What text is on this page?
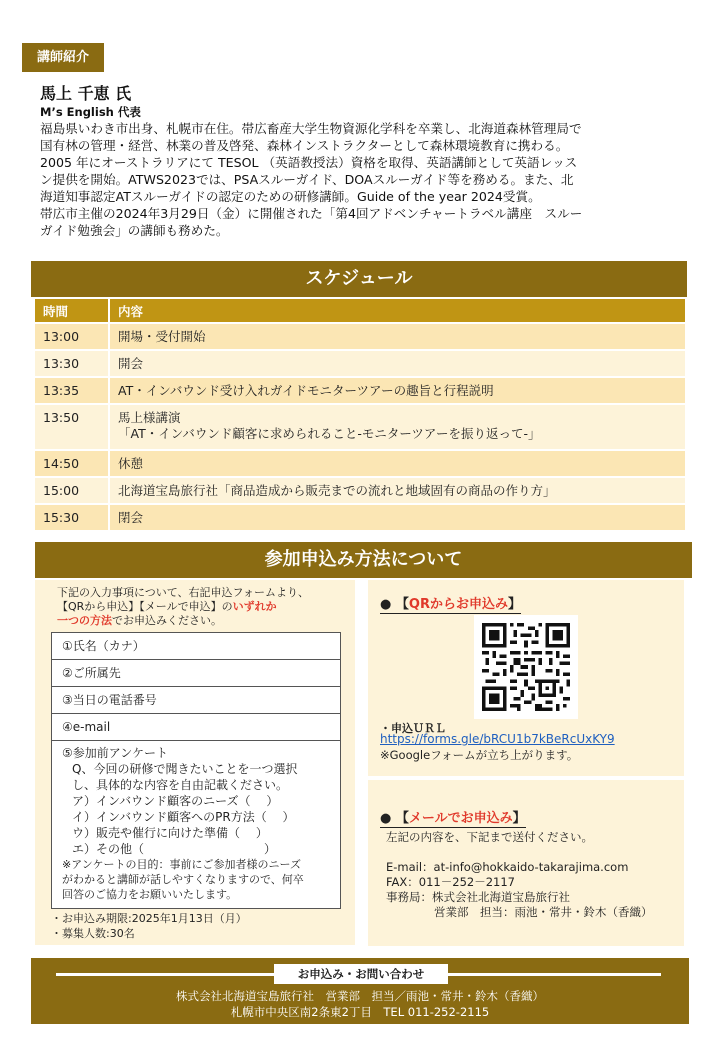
講師紹介
馬上 千恵 氏
M’s English 代表
福島県いわき市出身、札幌市在住。帯広畜産大学生物資源化学科を卒業し、北海道森林管理局で
国有林の管理・経営、林業の普及啓発、森林インストラクターとして森林環境教育に携わる。
2005 年にオーストラリアにて TESOL （英語教授法）資格を取得、英語講師として英語レッス
ン提供を開始。ATWS2023では、PSAスルーガイド、DOAスルーガイド等を務める。また、北
海道知事認定ATスルーガイドの認定のための研修講師。Guide of the year 2024受賞。
帯広市主催の2024年3月29日（金）に開催された「第4回アドベンチャートラベル講座　スルー
ガイド勉強会」の講師も務めた。
スケジュール
時間	内容
13:00	開場・受付開始

13:30	開会

13:35	AT・インバウンド受け入れガイドモニターツアーの趣旨と行程説明

13:50	馬上様講演
「AT・インバウンド顧客に求められること-モニターツアーを振り返って-」

14:50	休憩

15:00	北海道宝島旅行社「商品造成から販売までの流れと地域固有の商品の作り方」

15:30	閉会
参加申込み方法について
下記の入力事項について、右記申込フォームより、
【QRから申込】【メールで申込】のいずれか
一つの方法でお申込みください。
①氏名（カナ）
②ご所属先
③当日の電話番号
④e-mail
⑤参加前アンケート
Q、今回の研修で聞きたいことを一つ選択
し、具体的な内容を自由記載ください。
ア）インバウンド顧客のニーズ（　 ）
イ）インバウンド顧客へのPR方法（　 ）
ウ）販売や催行に向けた準備（　 ）
エ）その他（　　　　　　　　　　）
※アンケートの目的：事前にご参加者様のニーズ
がわかると講師が話しやすくなりますので、何卒
回答のご協力をお願いいたします。
・お申込み期限:2025年1月13日（月）
・募集人数:30名
● 【QRからお申込み】
・申込ＵＲＬ
https://forms.gle/bRCU1b7kBeRcUxKY9
※Googleフォームが立ち上がります。
● 【メールでお申込み】
左記の内容を、下記まで送付ください。
E-mail：at-info@hokkaido-takarajima.com
FAX：011－252－2117
事務局：株式会社北海道宝島旅行社
営業部　担当：雨池・常井・鈴木（香織）
お申込み・お問い合わせ
株式会社北海道宝島旅行社　営業部　担当／雨池・常井・鈴木（香織）
札幌市中央区南2条東2丁目　TEL 011-252-2115
